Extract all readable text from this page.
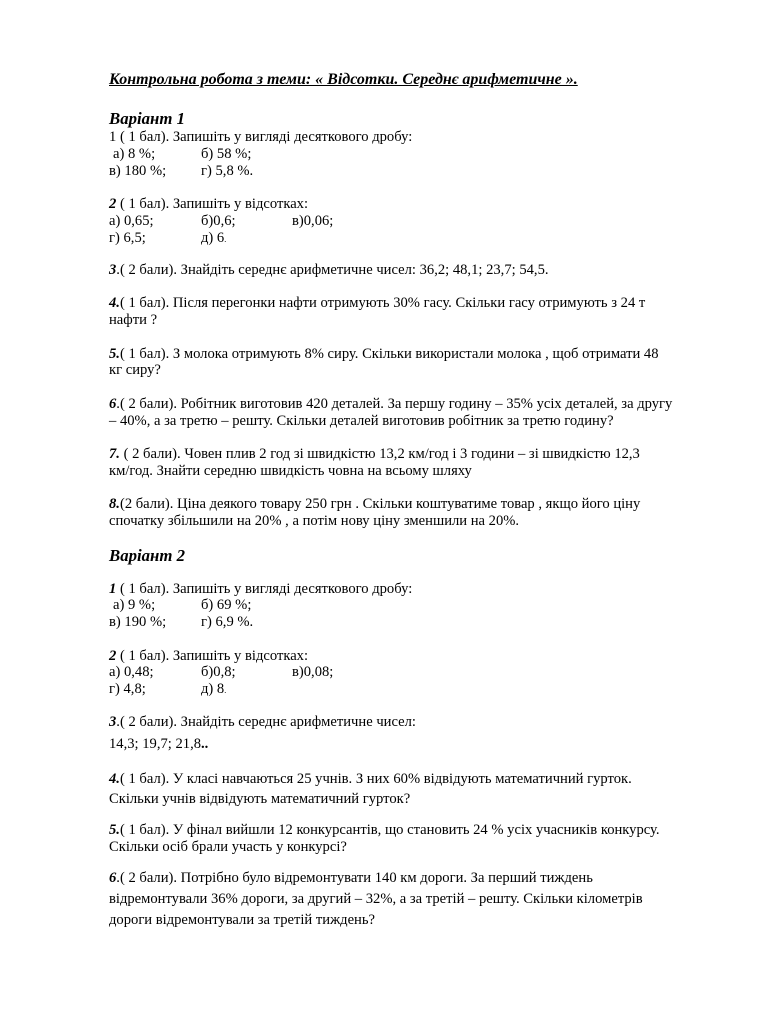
Контрольна робота з теми: « Відсотки. Середнє арифметичне ».
Варіант 1
1 ( 1 бал). Запишіть у вигляді десяткового дробу:
а) 8 %;	б) 58 %;
в) 180 %; г) 5,8 %.
2 ( 1 бал). Запишіть у відсотках:
а) 0,65;	б)0,6;	в)0,06;
г) 6,5;	д) 6.
3.( 2 бали). Знайдіть середнє арифметичне чисел: 36,2; 48,1; 23,7; 54,5.
4.( 1 бал). Після перегонки нафти отримують 30% гасу. Скільки гасу отримують з 24 т
нафти ?
5.( 1 бал). З молока отримують 8% сиру. Скільки використали молока , щоб отримати 48
кг сиру?
6.( 2 бали). Робітник виготовив 420 деталей. За першу годину – 35% усіх деталей, за другу
– 40%, а за третю – решту. Скільки деталей виготовив робітник за третю годину?
7. ( 2 бали). Човен плив 2 год зі швидкістю 13,2 км/год і 3 години – зі швидкістю 12,3
км/год. Знайти середню швидкість човна на всьому шляху
8.(2 бали). Ціна деякого товару 250 грн . Скільки коштуватиме товар , якщо його ціну
спочатку збільшили на 20% , а потім нову ціну зменшили на 20%.
Варіант 2
1 ( 1 бал). Запишіть у вигляді десяткового дробу:
а) 9 %;	б) 69 %;
в) 190 %; г) 6,9 %.
2 ( 1 бал). Запишіть у відсотках:
а) 0,48;	б)0,8;	в)0,08;
г) 4,8;	д) 8.
3.( 2 бали). Знайдіть середнє арифметичне чисел:
14,3; 19,7; 21,8..
4.( 1 бал). У класі навчаються 25 учнів. З них 60% відвідують математичний гурток.
Скільки учнів відвідують математичний гурток?
5.( 1 бал). У фінал вийшли 12 конкурсантів, що становить 24 % усіх учасників конкурсу.
Скільки осіб брали участь у конкурсі?
6.( 2 бали). Потрібно було відремонтувати 140 км дороги. За перший тиждень
відремонтували 36% дороги, за другий – 32%, а за третій – решту. Скільки кілометрів
дороги відремонтували за третій тиждень?
